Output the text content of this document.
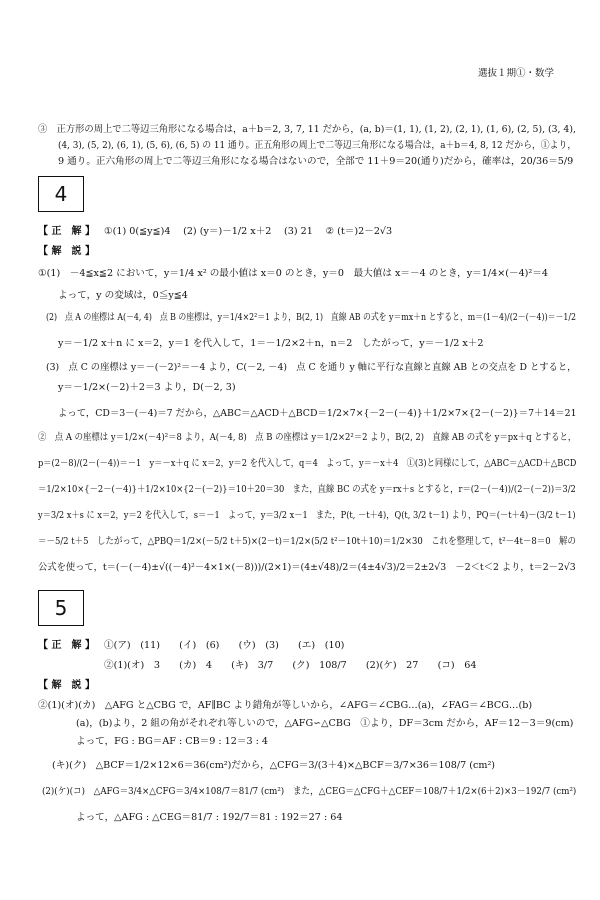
選抜１期①・数学
③　正方形の周上で二等辺三角形になる場合は，a＋b＝2, 3, 7, 11 だから，(a, b)＝(1, 1), (1, 2), (2, 1), (1, 6), (2, 5), (3, 4),
(4, 3), (5, 2), (6, 1), (5, 6), (6, 5) の 11 通り。正五角形の周上で二等辺三角形になる場合は，a＋b＝4, 8, 12 だから，①より，
9 通り。正六角形の周上で二等辺三角形になる場合はないので，全部で 11＋9＝20(通り)だから，確率は，20/36＝5/9
4
【 正　解 】 ①(1) 0(≦y≦)4　 (2) (y＝)－1/2 x＋2　 (3) 21　 ② (t＝)2－2√3
【 解　説 】
①(1)　－4≦x≦2 において，y＝1/4 x² の最小値は x＝0 のとき，y＝0　最大値は x＝－4 のとき，y＝1/4×(－4)²＝4
よって，y の変域は，0≦y≦4
(2)　点 A の座標は A(－4, 4)　点 B の座標は，y＝1/4×2²＝1 より，B(2, 1)　直線 AB の式を y＝mx＋n とすると，m＝(1－4)/(2－(－4))＝－1/2
y＝－1/2 x＋n に x＝2，y＝1 を代入して，1＝－1/2×2＋n，n＝2　したがって，y＝－1/2 x＋2
(3)　点 C の座標は y＝－(－2)²＝－4 より，C(－2, －4)　点 C を通り y 軸に平行な直線と直線 AB との交点を D とすると，
y＝－1/2×(－2)＋2＝3 より，D(－2, 3)
よって，CD＝3－(－4)＝7 だから，△ABC＝△ACD＋△BCD＝1/2×7×{－2－(－4)}＋1/2×7×{2－(－2)}＝7＋14＝21
②　点 A の座標は y＝1/2×(－4)²＝8 より，A(－4, 8)　点 B の座標は y＝1/2×2²＝2 より，B(2, 2)　直線 AB の式を y＝px＋q とすると，
p＝(2－8)/(2－(－4))＝－1　y＝－x＋q に x＝2，y＝2 を代入して，q＝4　よって，y＝－x＋4　①(3)と同様にして，△ABC＝△ACD＋△BCD
＝1/2×10×{－2－(－4)}＋1/2×10×{2－(－2)}＝10＋20＝30　また，直線 BC の式を y＝rx＋s とすると，r＝(2－(－4))/(2－(－2))＝3/2
y＝3/2 x＋s に x＝2，y＝2 を代入して，s＝－1　よって，y＝3/2 x－1　また，P(t, －t＋4)，Q(t, 3/2 t－1) より，PQ＝(－t＋4)－(3/2 t－1)
＝－5/2 t＋5　したがって，△PBQ＝1/2×(－5/2 t＋5)×(2－t)＝1/2×(5/2 t²－10t＋10)＝1/2×30　これを整理して，t²－4t－8＝0　解の
公式を使って，t＝(－(－4)±√((－4)²－4×1×(－8)))/(2×1)＝(4±√48)/2＝(4±4√3)/2＝2±2√3　－2＜t＜2 より，t＝2－2√3
5
【 正　解 】 ①(ア)　(11)　　(イ)　(6)　　(ウ)　(3)　　(エ)　(10)
②(1)(オ)　3　　(カ)　4　　(キ)　3/7　　(ク)　108/7　　(2)(ケ)　27　　(コ)　64
【 解　説 】
②(1)(オ)(カ)　△AFG と△CBG で，AF∥BC より錯角が等しいから，∠AFG＝∠CBG…(a)，∠FAG＝∠BCG…(b)
(a)，(b)より，2 組の角がそれぞれ等しいので，△AFG∽△CBG　①より，DF＝3cm だから，AF＝12－3＝9(cm)
よって，FG : BG＝AF : CB＝9 : 12＝3 : 4
(キ)(ク)　△BCF＝1/2×12×6＝36(cm²)だから，△CFG＝3/(3＋4)×△BCF＝3/7×36＝108/7 (cm²)
(2)(ケ)(コ)　△AFG＝3/4×△CFG＝3/4×108/7＝81/7 (cm²)　また，△CEG＝△CFG＋△CEF＝108/7＋1/2×(6＋2)×3－192/7 (cm²)
よって，△AFG : △CEG＝81/7 : 192/7＝81 : 192＝27 : 64
